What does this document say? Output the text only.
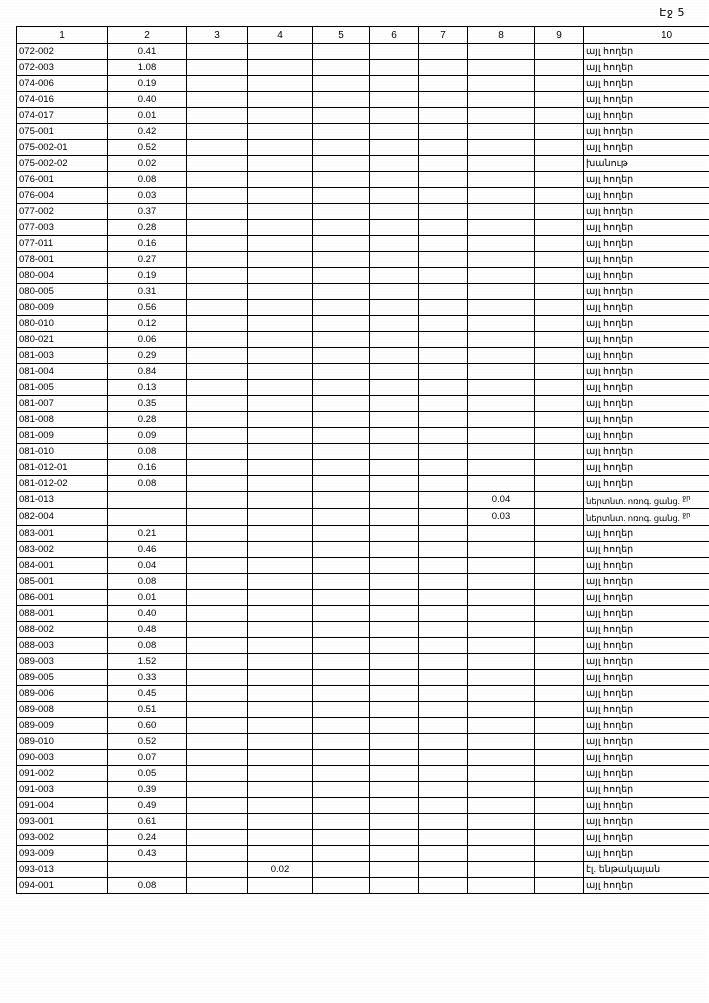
Էջ 5
1	2	3	4	5	6	7	8	9	10
072-002	0.41								այլ հողեր
072-003	1.08								այլ հողեր
074-006	0.19								այլ հողեր
074-016	0.40								այլ հողեր
074-017	0.01								այլ հողեր
075-001	0.42								այլ հողեր
075-002-01	0.52								այլ հողեր
075-002-02	0.02								խանութ
076-001	0.08								այլ հողեր
076-004	0.03								այլ հողեր
077-002	0.37								այլ հողեր
077-003	0.28								այլ հողեր
077-011	0.16								այլ հողեր
078-001	0.27								այլ հողեր
080-004	0.19								այլ հողեր
080-005	0.31								այլ հողեր
080-009	0.56								այլ հողեր
080-010	0.12								այլ հողեր
080-021	0.06								այլ հողեր
081-003	0.29								այլ հողեր
081-004	0.84								այլ հողեր
081-005	0.13								այլ հողեր
081-007	0.35								այլ հողեր
081-008	0.28								այլ հողեր
081-009	0.09								այլ հողեր
081-010	0.08								այլ հողեր
081-012-01	0.16								այլ հողեր
081-012-02	0.08								այլ հողեր
081-013							0.04		ներտնտ. ոռոգ. ցանց. $^{ջր}$
082-004							0.03		ներտնտ. ոռոգ. ցանց. $^{ջր}$
083-001	0.21								այլ հողեր
083-002	0.46								այլ հողեր
084-001	0.04								այլ հողեր
085-001	0.08								այլ հողեր
086-001	0.01								այլ հողեր
088-001	0.40								այլ հողեր
088-002	0.48								այլ հողեր
088-003	0.08								այլ հողեր
089-003	1.52								այլ հողեր
089-005	0.33								այլ հողեր
089-006	0.45								այլ հողեր
089-008	0.51								այլ հողեր
089-009	0.60								այլ հողեր
089-010	0.52								այլ հողեր
090-003	0.07								այլ հողեր
091-002	0.05								այլ հողեր
091-003	0.39								այլ հողեր
091-004	0.49								այլ հողեր
093-001	0.61								այլ հողեր
093-002	0.24								այլ հողեր
093-009	0.43								այլ հողեր
093-013			0.02						էլ. ենթակայան
094-001	0.08								այլ հողեր
